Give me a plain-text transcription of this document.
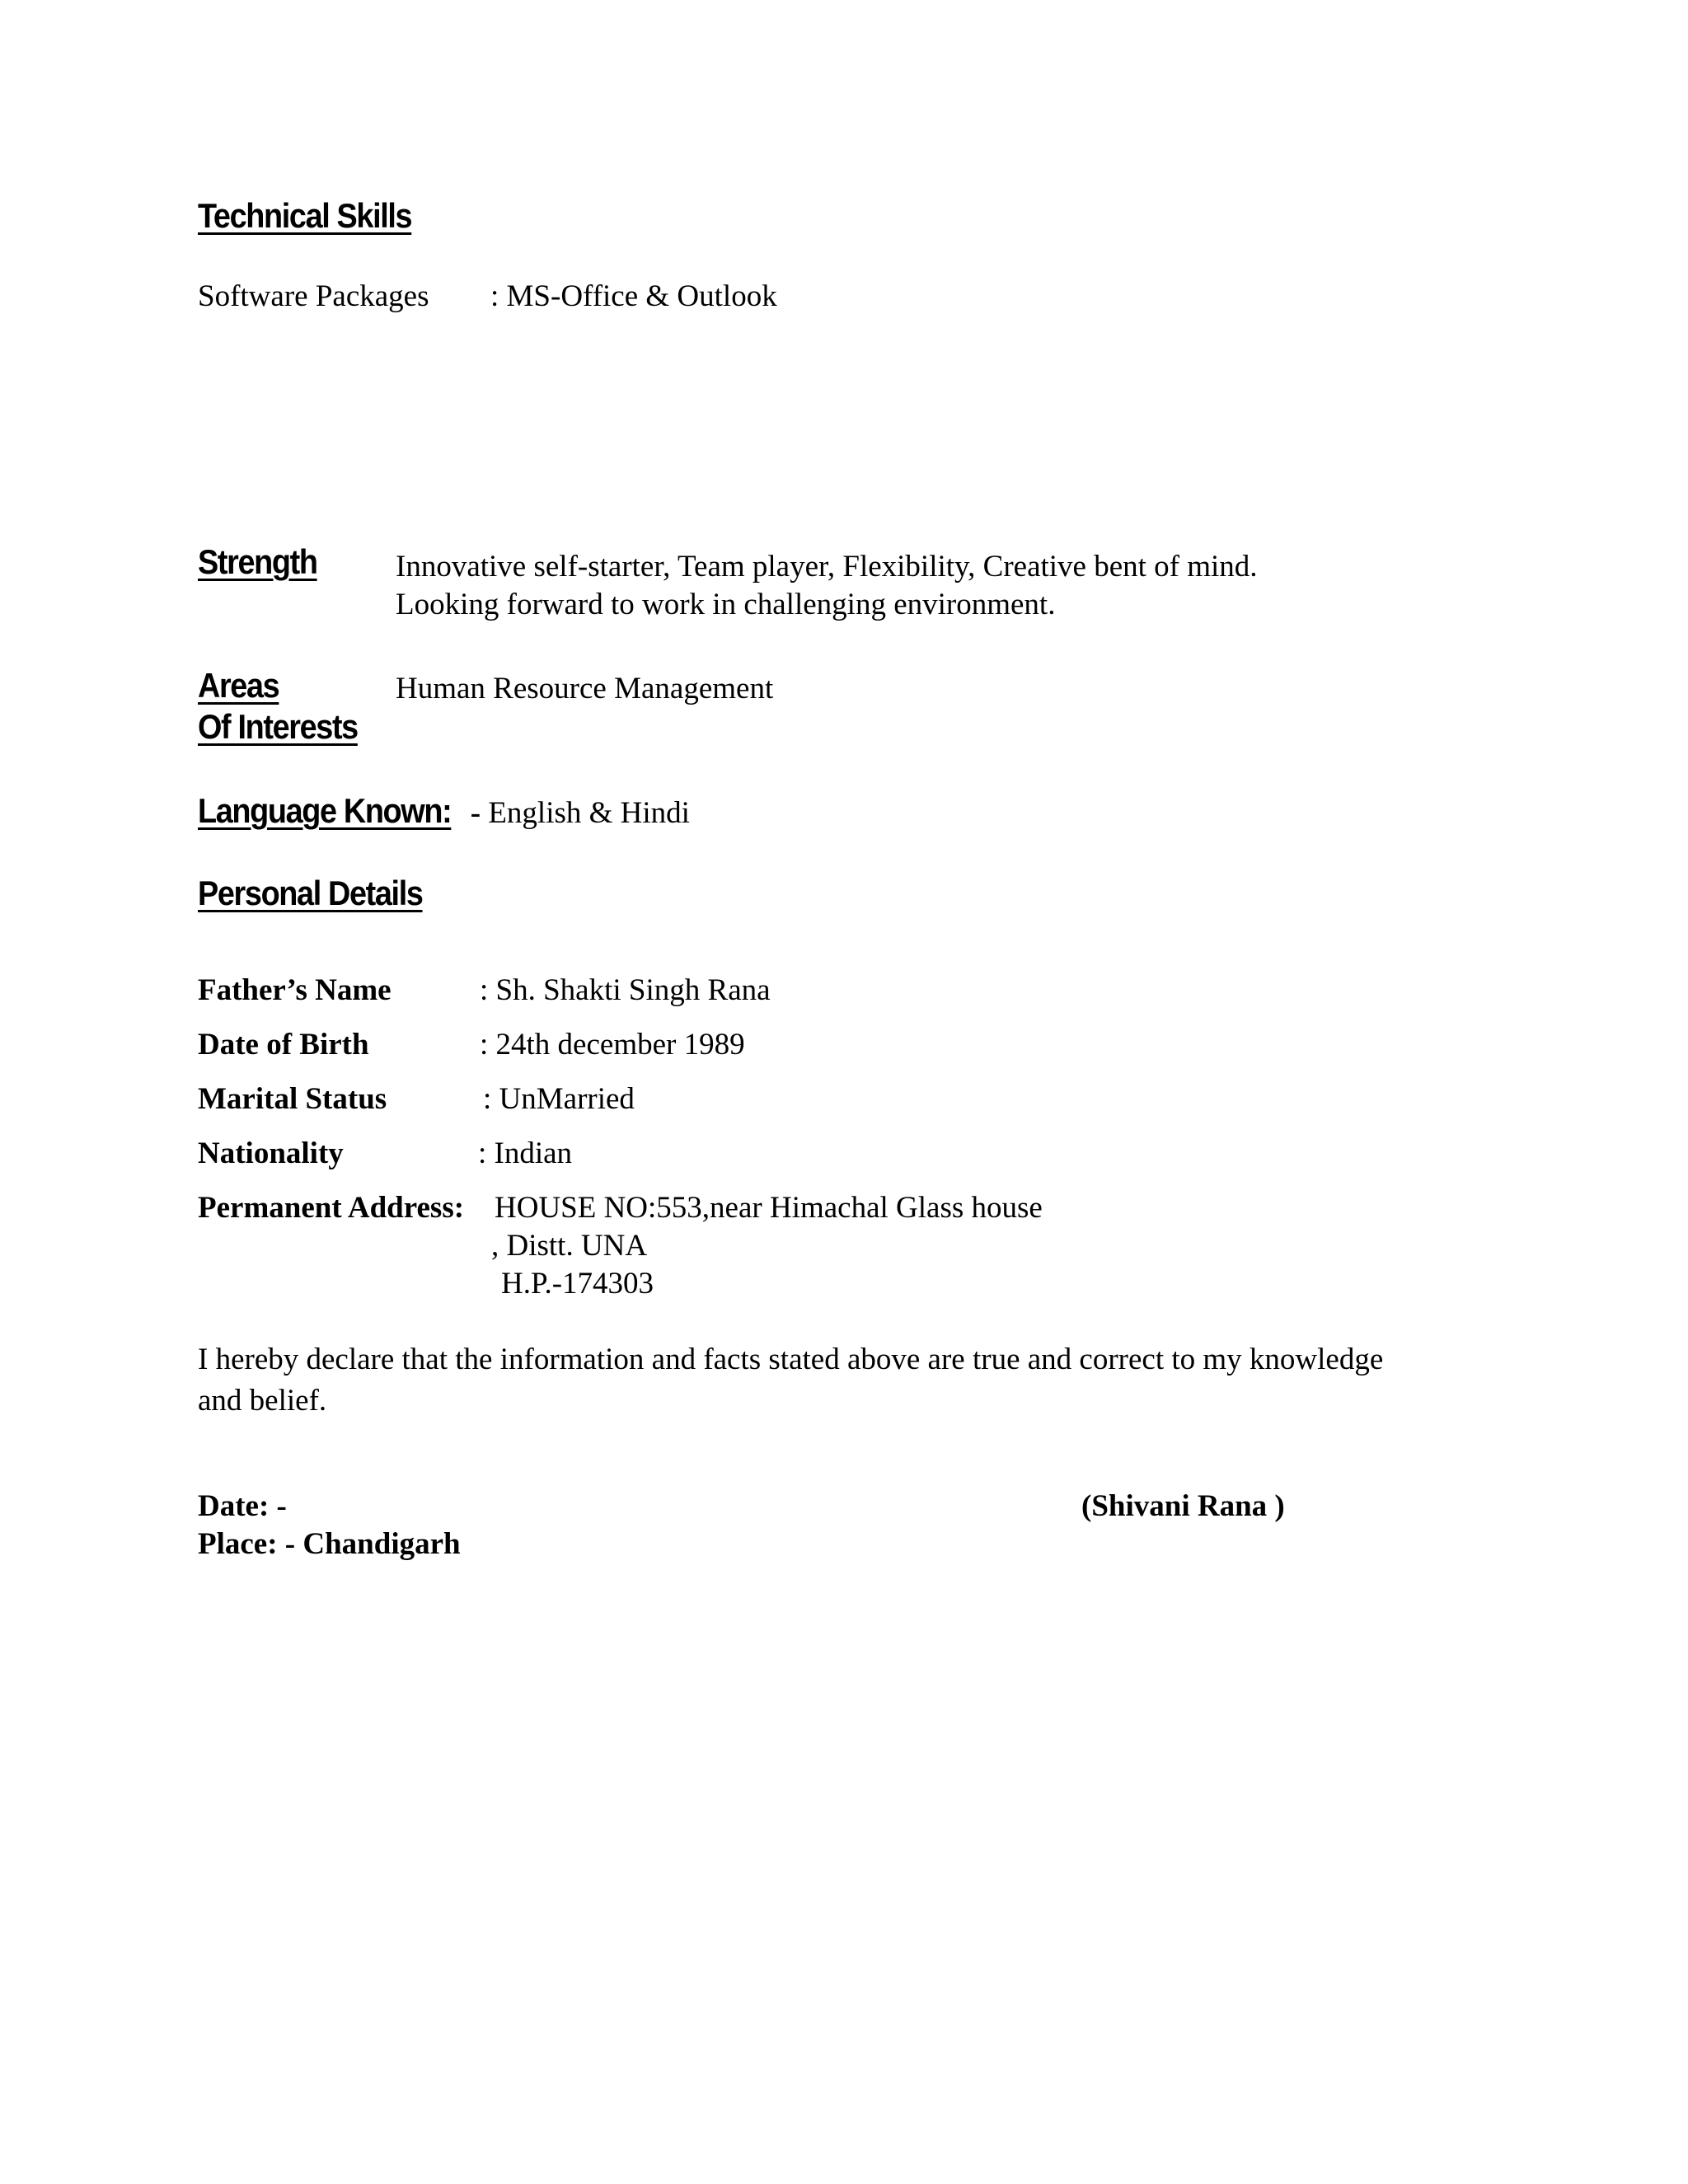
Technical Skills
Software Packages : MS-Office & Outlook
Strength	Innovative self-starter, Team player, Flexibility, Creative bent of mind.
Looking forward to work in challenging environment.
Areas
Of Interests
Human Resource Management
Language Known: - English & Hindi
Personal Details
Father’s Name	: Sh. Shakti Singh Rana
Date of Birth	: 24th december 1989
Marital Status	: UnMarried
Nationality	: Indian
Permanent Address: HOUSE NO:553,near Himachal Glass house
, Distt. UNA
H.P.-174303
I hereby declare that the information and facts stated above are true and correct to my knowledge
and belief.
Date: -
Place: - Chandigarh
(Shivani Rana )
